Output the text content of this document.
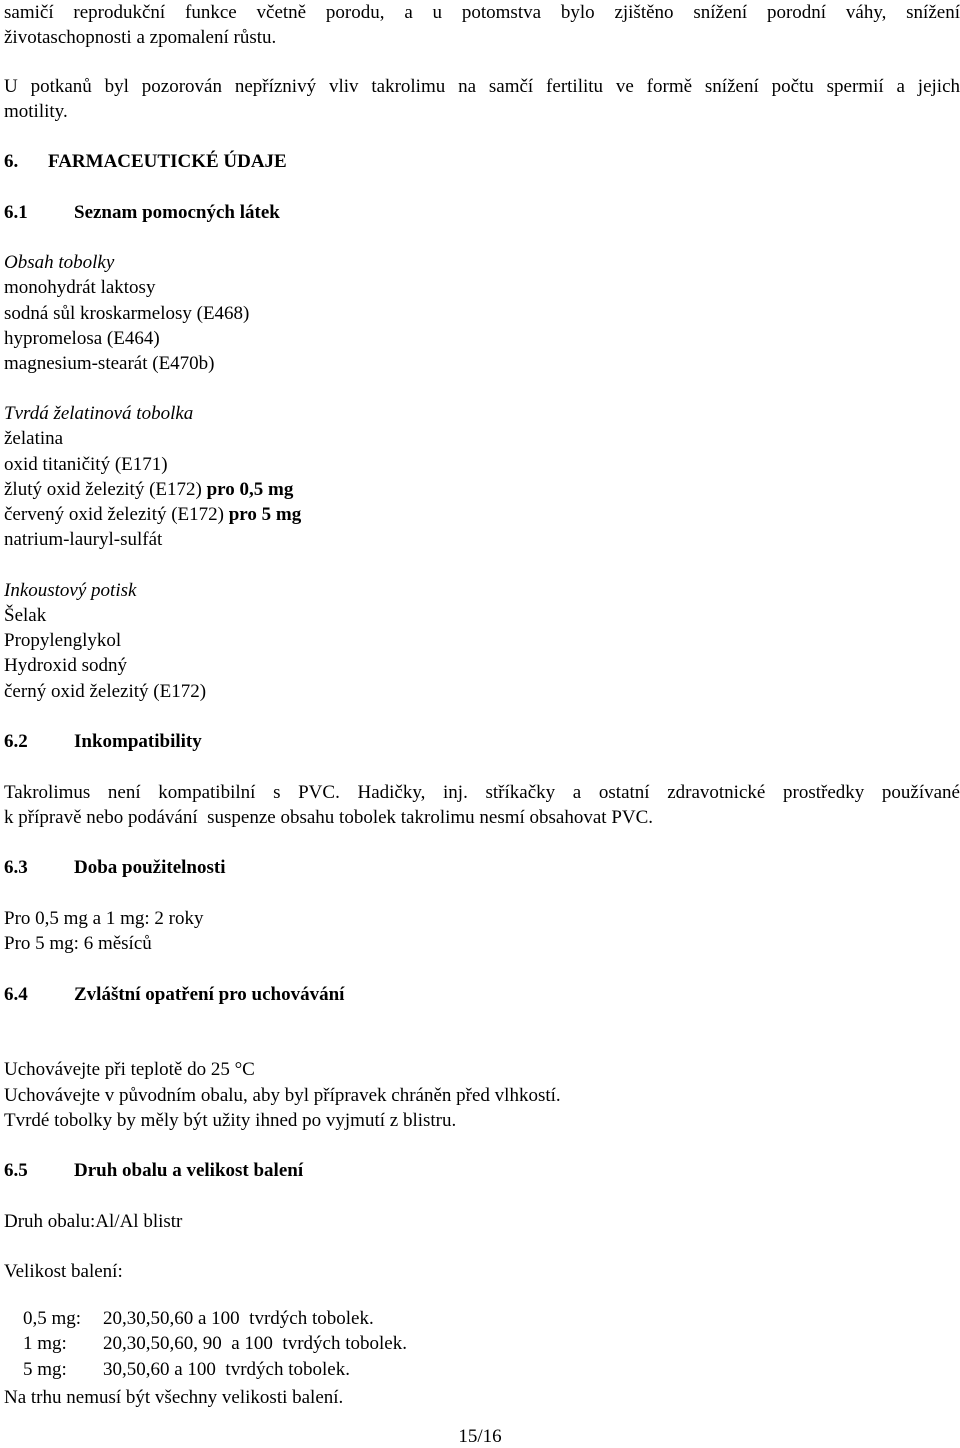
samičí reprodukční funkce včetně porodu, a u potomstva bylo zjištěno snížení porodní váhy, snížení
životaschopnosti a zpomalení růstu.
U potkanů byl pozorován nepříznivý vliv takrolimu na samčí fertilitu ve formě snížení počtu spermií a jejich
motility.
6. FARMACEUTICKÉ ÚDAJE
6.1 Seznam pomocných látek
Obsah tobolky
monohydrát laktosy
sodná sůl kroskarmelosy (E468)
hypromelosa (E464)
magnesium-stearát (E470b)
Tvrdá želatinová tobolka
želatina
oxid titaničitý (E171)
žlutý oxid železitý (E172) pro 0,5 mg
červený oxid železitý (E172) pro 5 mg
natrium-lauryl-sulfát
Inkoustový potisk
Šelak
Propylenglykol
Hydroxid sodný
černý oxid železitý (E172)
6.2 Inkompatibility
Takrolimus není kompatibilní s PVC. Hadičky, inj. stříkačky a ostatní zdravotnické prostředky používané
k přípravě nebo podávání  suspenze obsahu tobolek takrolimu nesmí obsahovat PVC.
6.3 Doba použitelnosti
Pro 0,5 mg a 1 mg: 2 roky
Pro 5 mg: 6 měsíců
6.4 Zvláštní opatření pro uchovávání
Uchovávejte při teplotě do 25 °C
Uchovávejte v původním obalu, aby byl přípravek chráněn před vlhkostí.
Tvrdé tobolky by měly být užity ihned po vyjmutí z blistru.
6.5 Druh obalu a velikost balení
Druh obalu:Al/Al blistr
Velikost balení:

0,5 mg: 20,30,50,60 a 100  tvrdých tobolek.

1 mg: 20,30,50,60, 90  a 100  tvrdých tobolek.

5 mg: 30,50,60 a 100  tvrdých tobolek.

Na trhu nemusí být všechny velikosti balení.
15/16
